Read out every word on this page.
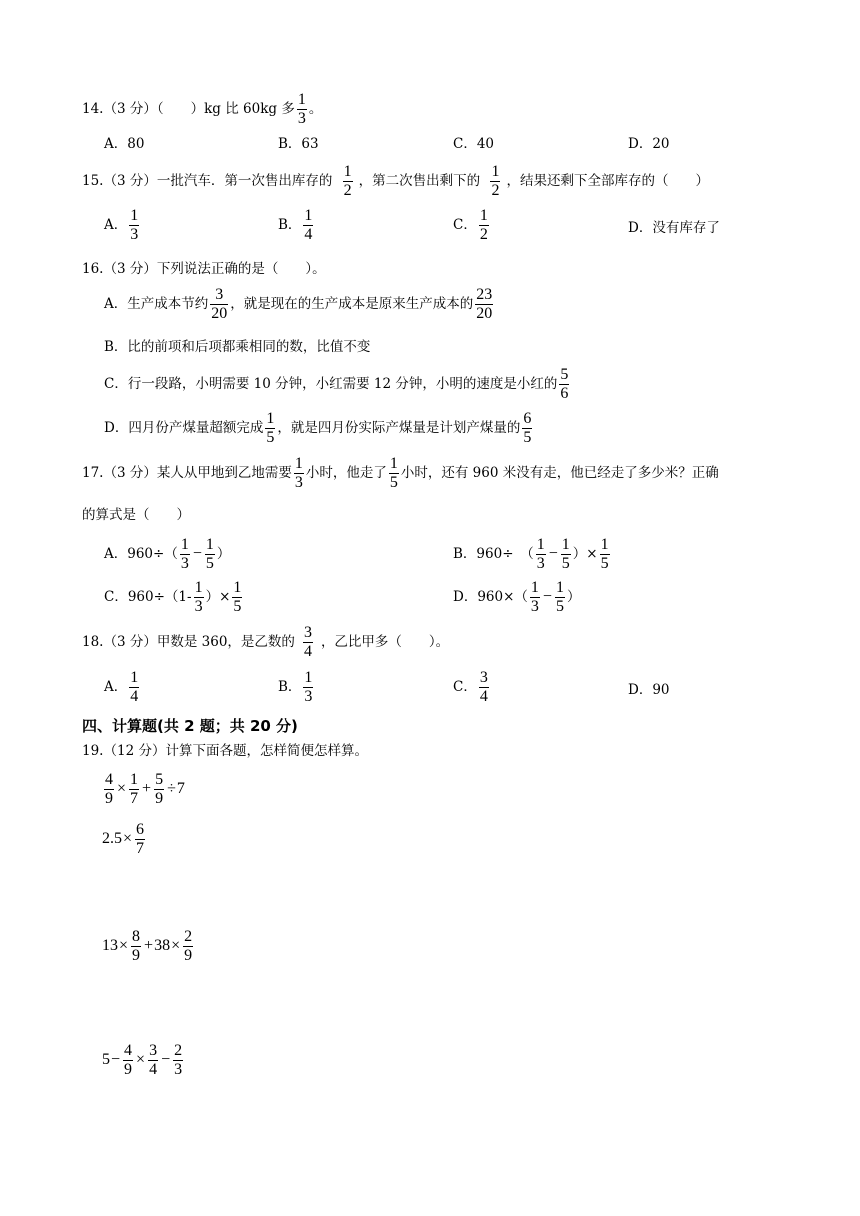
14.（3 分）（　　）kg 比 60kg 多 $\frac{1}{3}$ 。
A．80	B．63	C．40	D．20
15.（3 分）一批汽车．第一次售出库存的 $\frac{1}{2}$ ，第二次售出剩下的 $\frac{1}{2}$ ，结果还剩下全部库存的（　　）
A． $\frac{1}{3}$	B． $\frac{1}{4}$	C． $\frac{1}{2}$	D．没有库存了
16.（3 分）下列说法正确的是（　　）。
A．生产成本节约 $\frac{3}{20}$ ，就是现在的生产成本是原来生产成本的 $\frac{23}{20}$
B．比的前项和后项都乘相同的数，比值不变
C．行一段路，小明需要 10 分钟，小红需要 12 分钟，小明的速度是小红的 $\frac{5}{6}$
D．四月份产煤量超额完成 $\frac{1}{5}$ ，就是四月份实际产煤量是计划产煤量的 $\frac{6}{5}$
17.（3 分）某人从甲地到乙地需要 $\frac{1}{3}$ 小时，他走了 $\frac{1}{5}$ 小时，还有 960 米没有走，他已经走了多少米？正确
的算式是（　　）
A．$960\div( \frac{1}{3} - \frac{1}{5}$ ）	B．960÷　（ $\frac{1}{3} - \frac{1}{5}$ ）× $\frac{1}{5}$
C．$960\div(1- \frac{1}{3}$ ）× $\frac{1}{5}$	D．$960\times( \frac{1}{3} - \frac{1}{5}$ ）
18.（3 分）甲数是 360，是乙数的 $\frac{3}{4}$ ，乙比甲多（　　）。
A． $\frac{1}{4}$	B． $\frac{1}{3}$	C． $\frac{3}{4}$	D．90
四、计算题(共 2 题；共 20 分)
19.（12 分）计算下面各题，怎样简便怎样算。
$\frac{4}{9} \times \frac{1}{7} + \frac{5}{9} \div 7$
$2.5\times \frac{6}{7}$
$13\times \frac{8}{9} +38\times \frac{2}{9}$
$5- \frac{4}{9} \times \frac{3}{4} - \frac{2}{3}$
